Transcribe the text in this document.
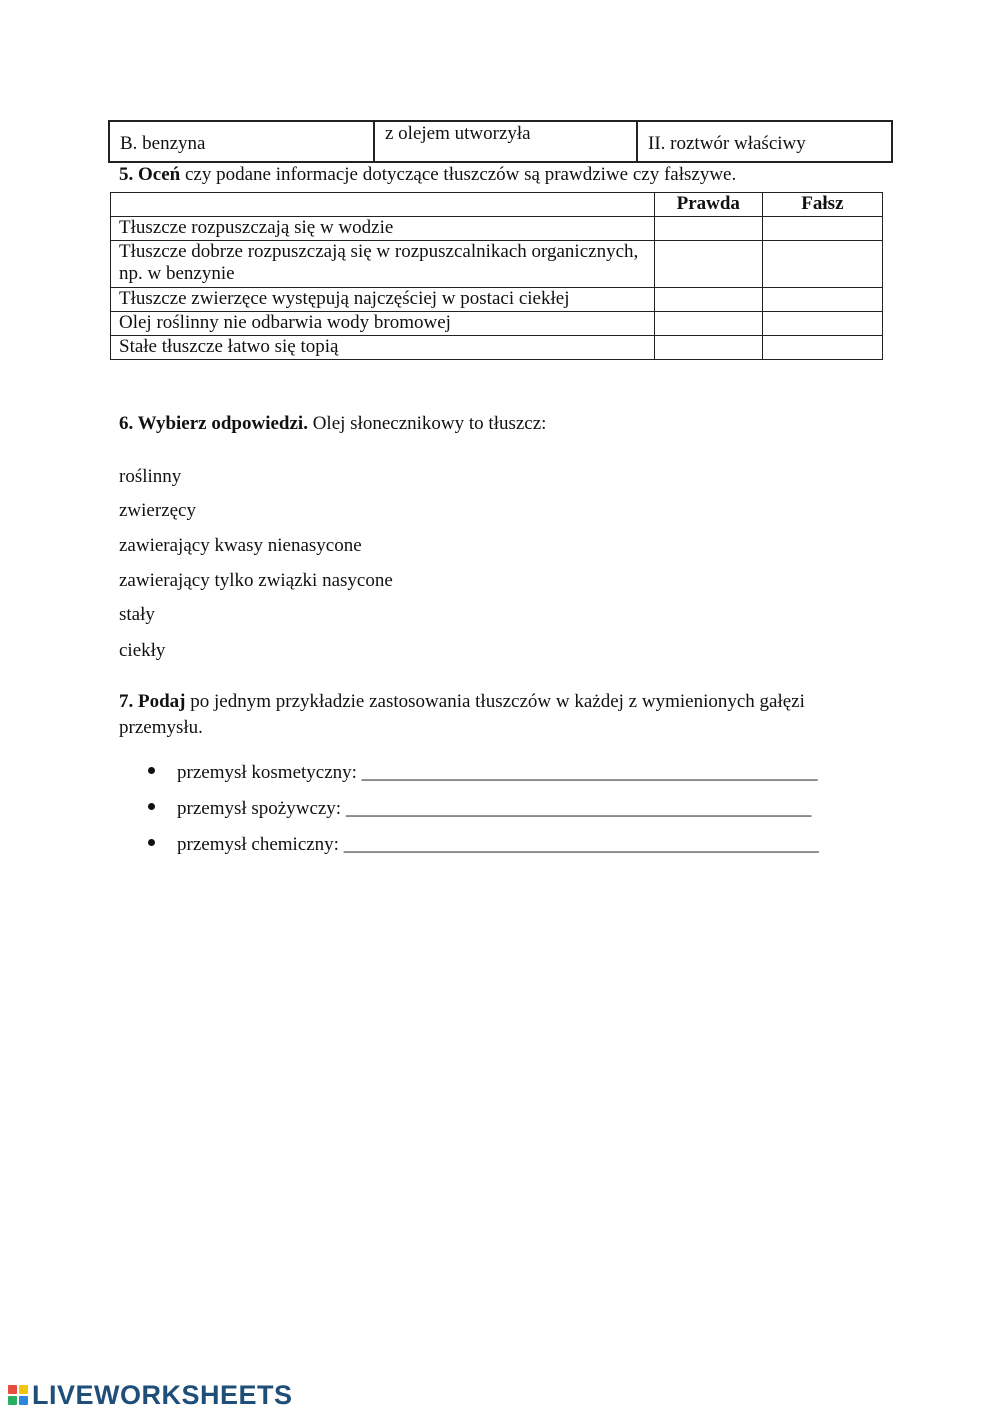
B. benzyna	z olejem utworzyła	II. roztwór właściwy
5. Oceń czy podane informacje dotyczące tłuszczów są prawdziwe czy fałszywe.
	Prawda	Fałsz
Tłuszcze rozpuszczają się w wodzie		
Tłuszcze dobrze rozpuszczają się w rozpuszcalnikach organicznych, np. w benzynie		
Tłuszcze zwierzęce występują najczęściej w postaci ciekłej		
Olej roślinny nie odbarwia wody bromowej		
Stałe tłuszcze łatwo się topią		
6. Wybierz odpowiedzi. Olej słonecznikowy to tłuszcz:
roślinny
zwierzęcy
zawierający kwasy nienasycone
zawierający tylko związki nasycone
stały
ciekły
7. Podaj po jednym przykładzie zastosowania tłuszczów w każdej z wymienionych gałęzi przemysłu.
przemysł kosmetyczny: ________________________________________________
przemysł spożywczy: _________________________________________________
przemysł chemiczny: __________________________________________________
LIVEWORKSHEETS
